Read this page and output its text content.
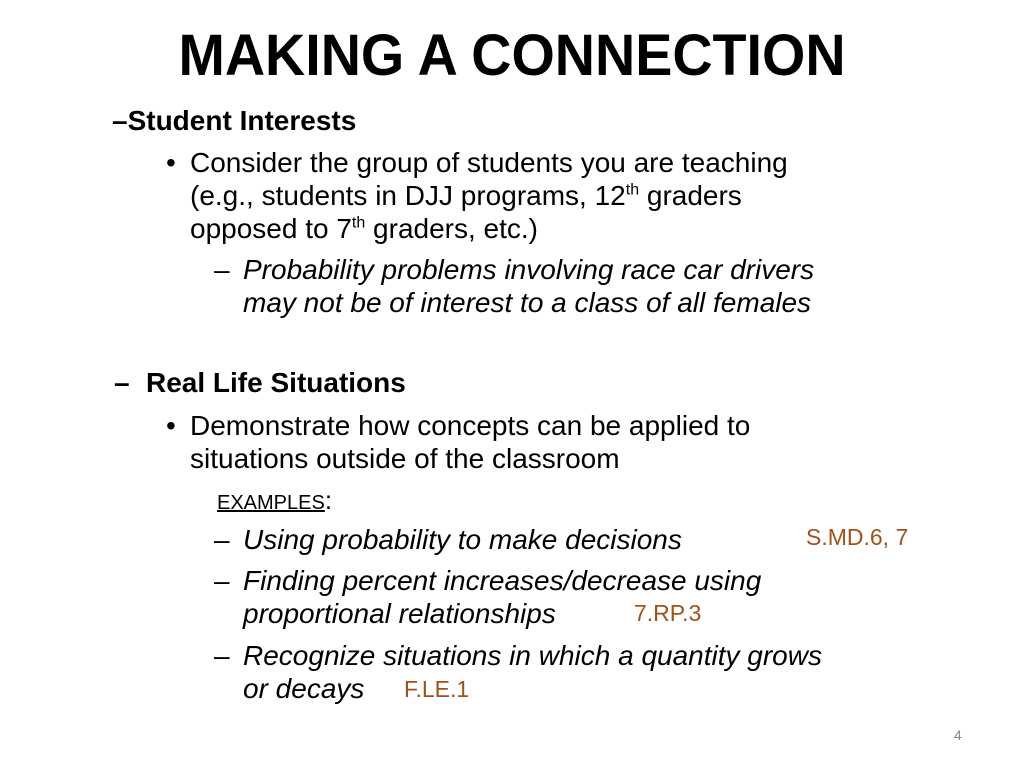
MAKING A CONNECTION
–Student Interests
• Consider the group of students you are teaching
(e.g., students in DJJ programs, 12th graders
opposed to 7th graders, etc.)
– Probability problems involving race car drivers
may not be of interest to a class of all females
– Real Life Situations
• Demonstrate how concepts can be applied to
situations outside of the classroom
EXAMPLES:
– Using probability to make decisions	S.MD.6, 7
– Finding percent increases/decrease using
proportional relationships	7.RP.3
– Recognize situations in which a quantity grows
or decays F.LE.1
4
